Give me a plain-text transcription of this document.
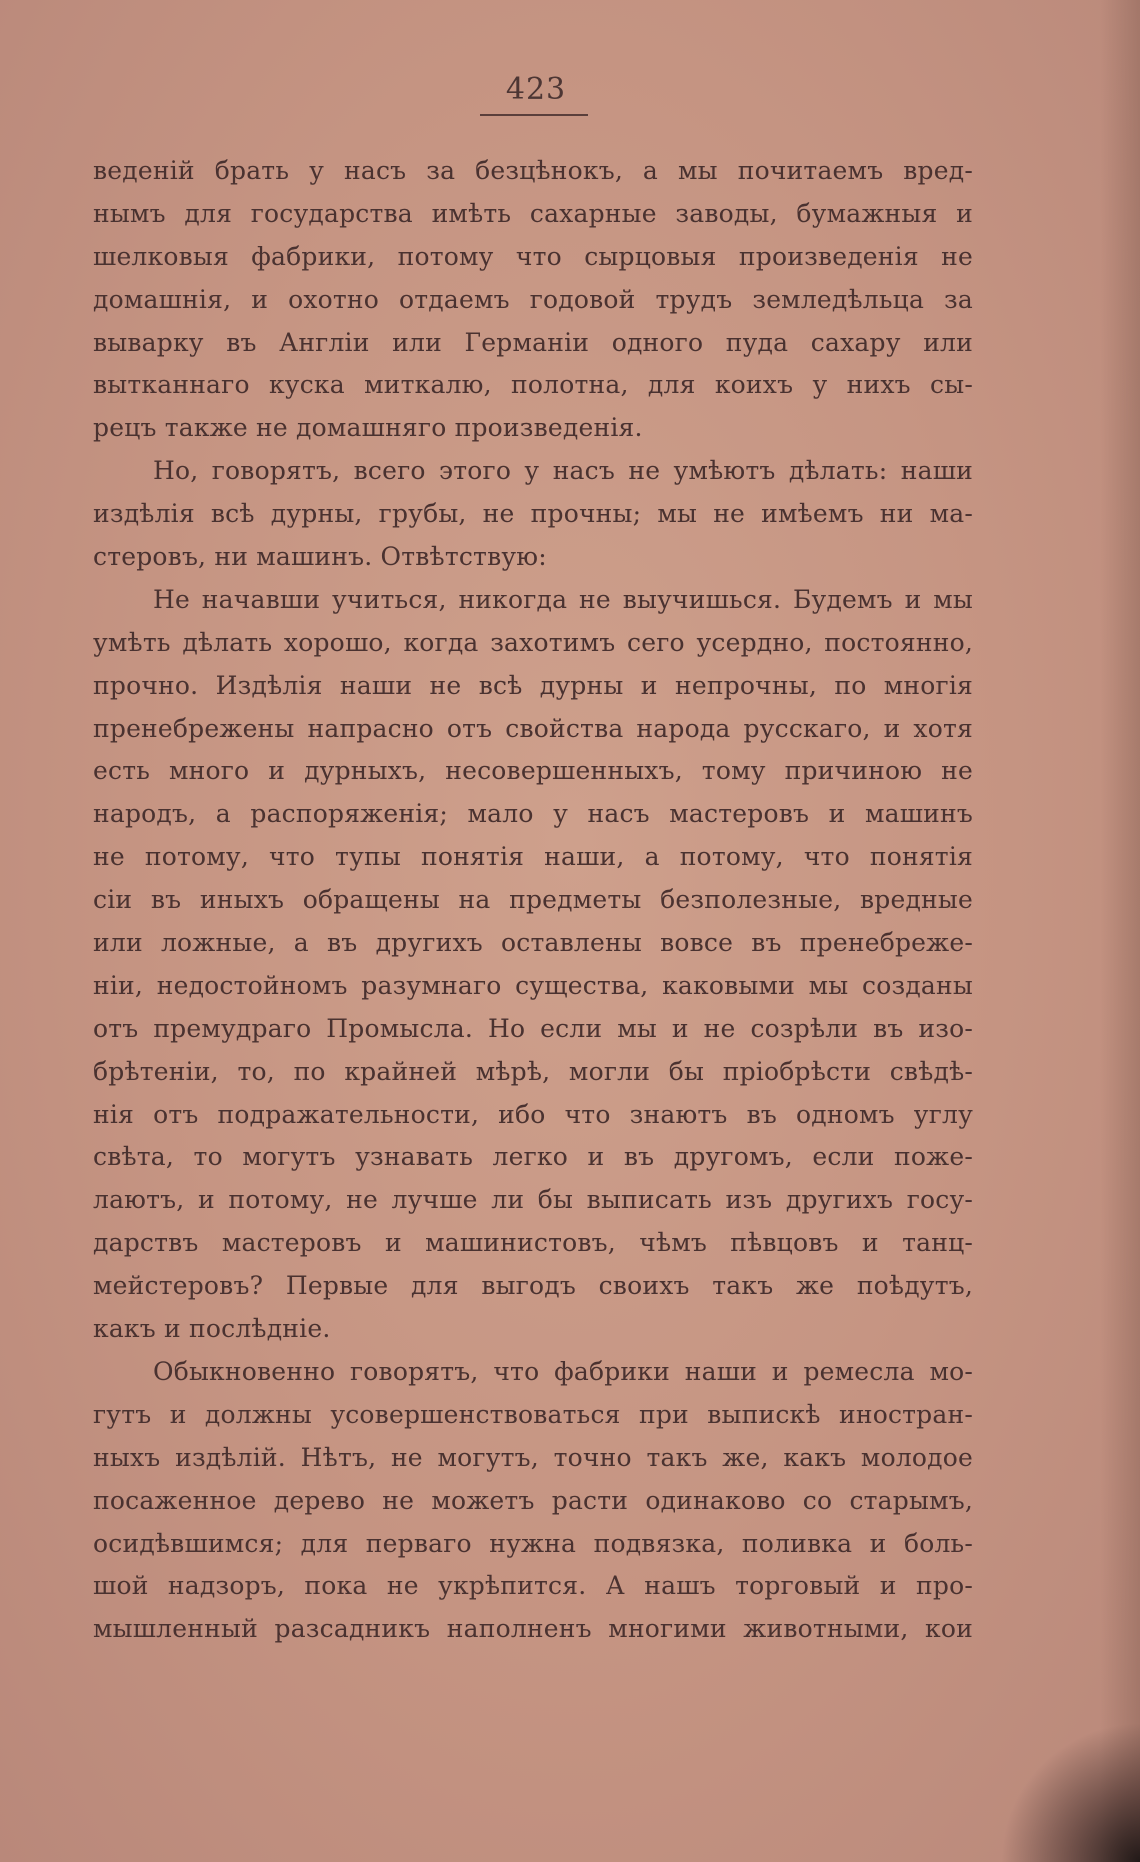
423
веденій брать у насъ за безцѣнокъ, а мы почитаемъ вред-
нымъ для государства имѣть сахарные заводы, бумажныя и
шелковыя фабрики, потому что сырцовыя произведенія не
домашнія, и охотно отдаемъ годовой трудъ земледѣльца за
выварку въ Англіи или Германіи одного пуда сахару или
вытканнаго куска миткалю, полотна, для коихъ у нихъ сы-
рецъ также не домашняго произведенія.
Но, говорятъ, всего этого у насъ не умѣютъ дѣлать: наши
издѣлія всѣ дурны, грубы, не прочны; мы не имѣемъ ни ма-
стеровъ, ни машинъ. Отвѣтствую:
Не начавши учиться, никогда не выучишься. Будемъ и мы
умѣть дѣлать хорошо, когда захотимъ сего усердно, постоянно,
прочно. Издѣлія наши не всѣ дурны и непрочны, по многія
пренебрежены напрасно отъ свойства народа русскаго, и хотя
есть много и дурныхъ, несовершенныхъ, тому причиною не
народъ, а распоряженія; мало у насъ мастеровъ и машинъ
не потому, что тупы понятія наши, а потому, что понятія
сіи въ иныхъ обращены на предметы безполезные, вредные
или ложные, а въ другихъ оставлены вовсе въ пренебреже-
ніи, недостойномъ разумнаго существа, каковыми мы созданы
отъ премудраго Промысла. Но если мы и не созрѣли въ изо-
брѣтеніи, то, по крайней мѣрѣ, могли бы пріобрѣсти свѣдѣ-
нія отъ подражательности, ибо что знаютъ въ одномъ углу
свѣта, то могутъ узнавать легко и въ другомъ, если поже-
лаютъ, и потому, не лучше ли бы выписать изъ другихъ госу-
дарствъ мастеровъ и машинистовъ, чѣмъ пѣвцовъ и танц-
мейстеровъ? Первые для выгодъ своихъ такъ же поѣдутъ,
какъ и послѣдніе.
Обыкновенно говорятъ, что фабрики наши и ремесла мо-
гутъ и должны усовершенствоваться при выпискѣ иностран-
ныхъ издѣлій. Нѣтъ, не могутъ, точно такъ же, какъ молодое
посаженное дерево не можетъ расти одинаково со старымъ,
осидѣвшимся; для перваго нужна подвязка, поливка и боль-
шой надзоръ, пока не укрѣпится. А нашъ торговый и про-
мышленный разсадникъ наполненъ многими животными, кои
